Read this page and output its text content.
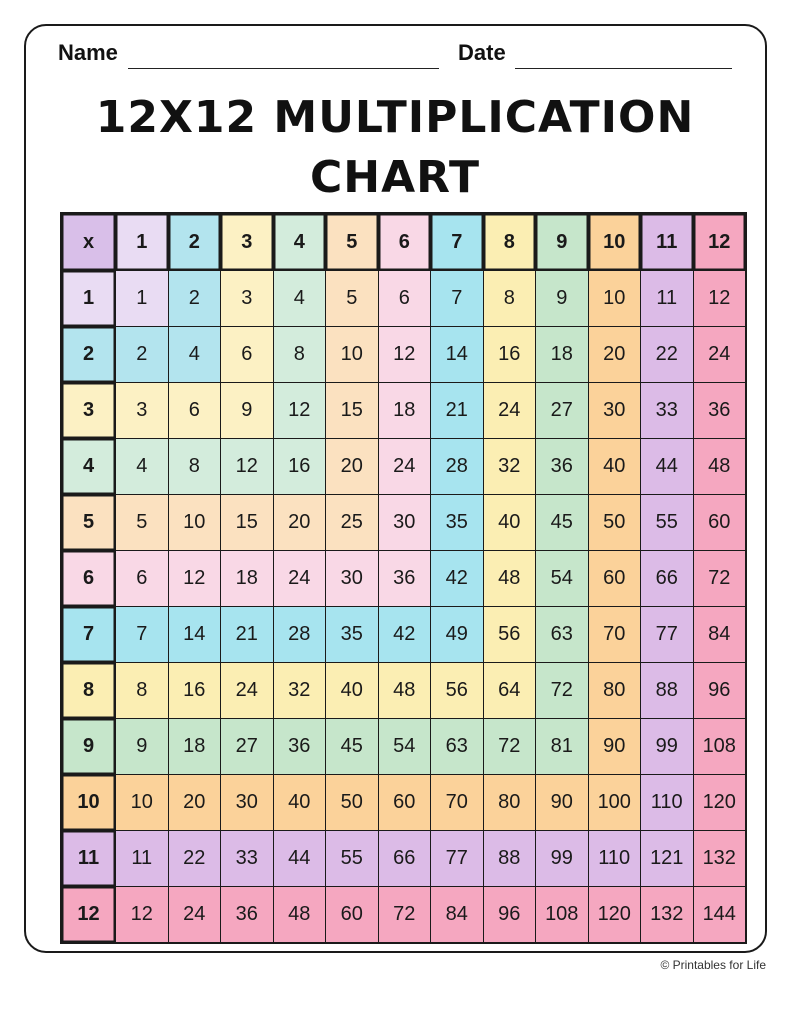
Name	Date
12X12 MULTIPLICATION
CHART
x	1	2	3	4	5	6	7	8	9	10	11	12
1	1	2	3	4	5	6	7	8	9	10	11	12
2	2	4	6	8	10	12	14	16	18	20	22	24
3	3	6	9	12	15	18	21	24	27	30	33	36
4	4	8	12	16	20	24	28	32	36	40	44	48
5	5	10	15	20	25	30	35	40	45	50	55	60
6	6	12	18	24	30	36	42	48	54	60	66	72
7	7	14	21	28	35	42	49	56	63	70	77	84
8	8	16	24	32	40	48	56	64	72	80	88	96
9	9	18	27	36	45	54	63	72	81	90	99	108
10	10	20	30	40	50	60	70	80	90	100 110 120
11	11	22	33	44	55	66	77	88	99	110 121 132
12	12	24	36	48	60	72	84	96	108 120 132 144
© Printables for Life
